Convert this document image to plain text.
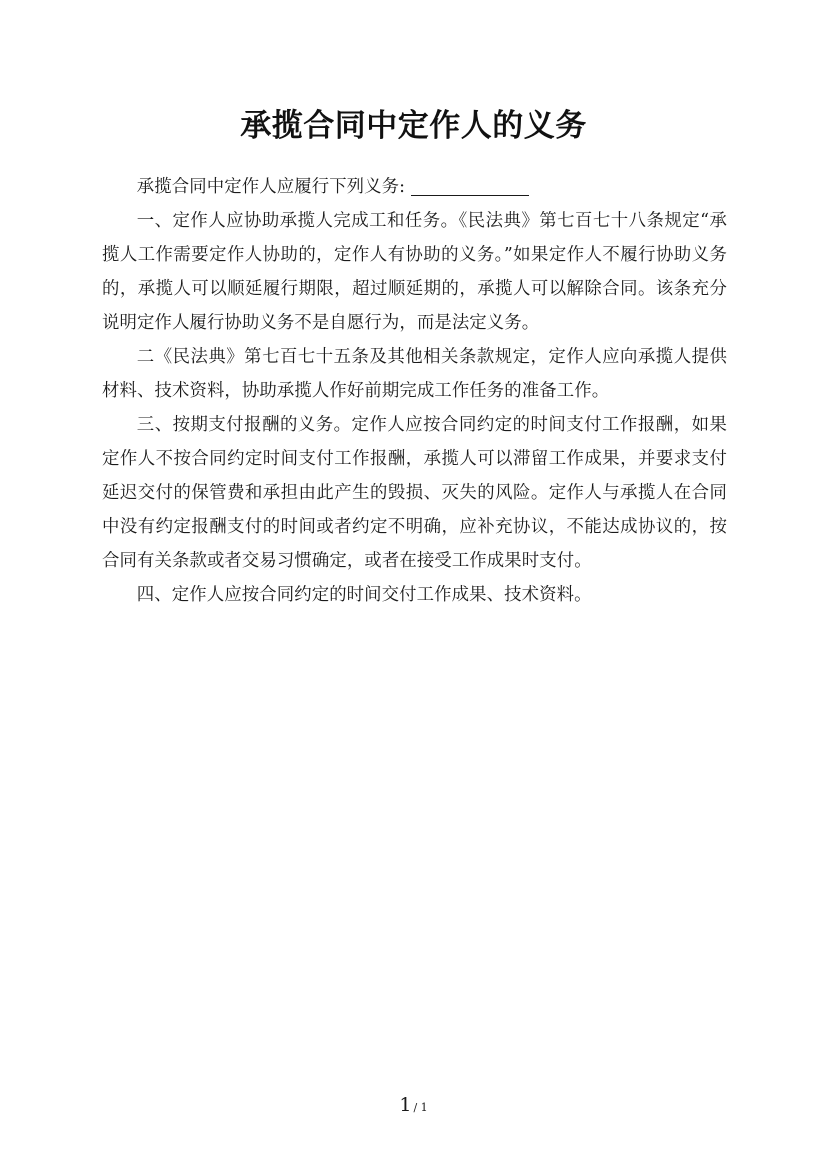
承揽合同中定作人的义务

承揽合同中定作人应履行下列义务:

一、定作人应协助承揽人完成工和任务。《民法典》第七百七十八条规定“承揽人工作需要定作人协助的，定作人有协助的义务。”如果定作人不履行协助义务的，承揽人可以顺延履行期限，超过顺延期的，承揽人可以解除合同。该条充分说明定作人履行协助义务不是自愿行为，而是法定义务。

二《民法典》第七百七十五条及其他相关条款规定，定作人应向承揽人提供材料、技术资料，协助承揽人作好前期完成工作任务的准备工作。

三、按期支付报酬的义务。定作人应按合同约定的时间支付工作报酬，如果定作人不按合同约定时间支付工作报酬，承揽人可以滞留工作成果，并要求支付延迟交付的保管费和承担由此产生的毁损、灭失的风险。定作人与承揽人在合同中没有约定报酬支付的时间或者约定不明确，应补充协议，不能达成协议的，按合同有关条款或者交易习惯确定，或者在接受工作成果时支付。

四、定作人应按合同约定的时间交付工作成果、技术资料。

1 / 1
